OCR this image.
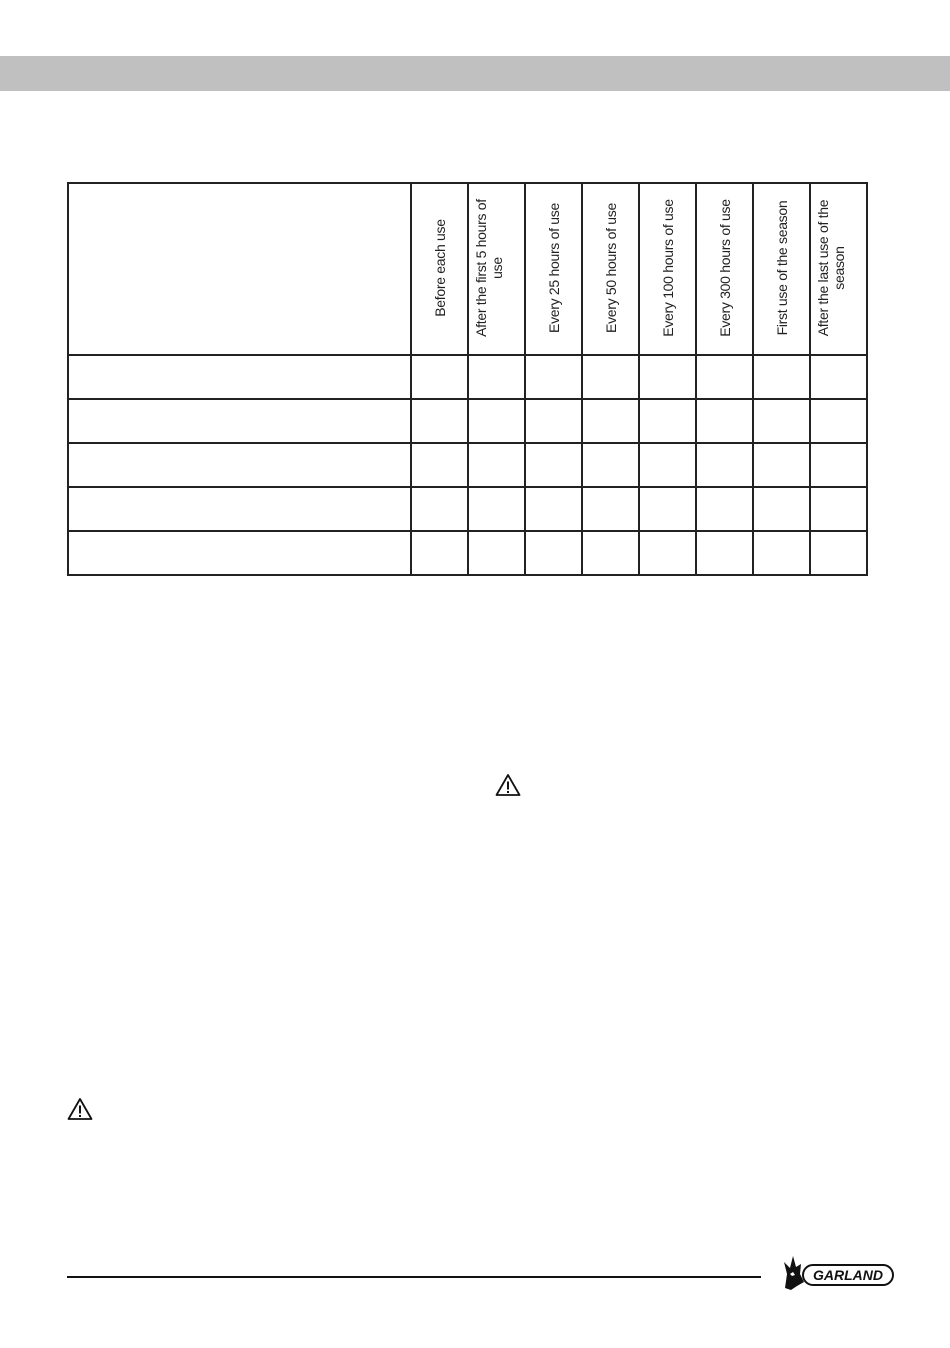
	Before each use	After the first 5 hours of use	Every 25 hours of use	Every 50 hours of use	Every 100 hours of use	Every 300 hours of use	First use of the season	After the last use of the season

GARLAND
